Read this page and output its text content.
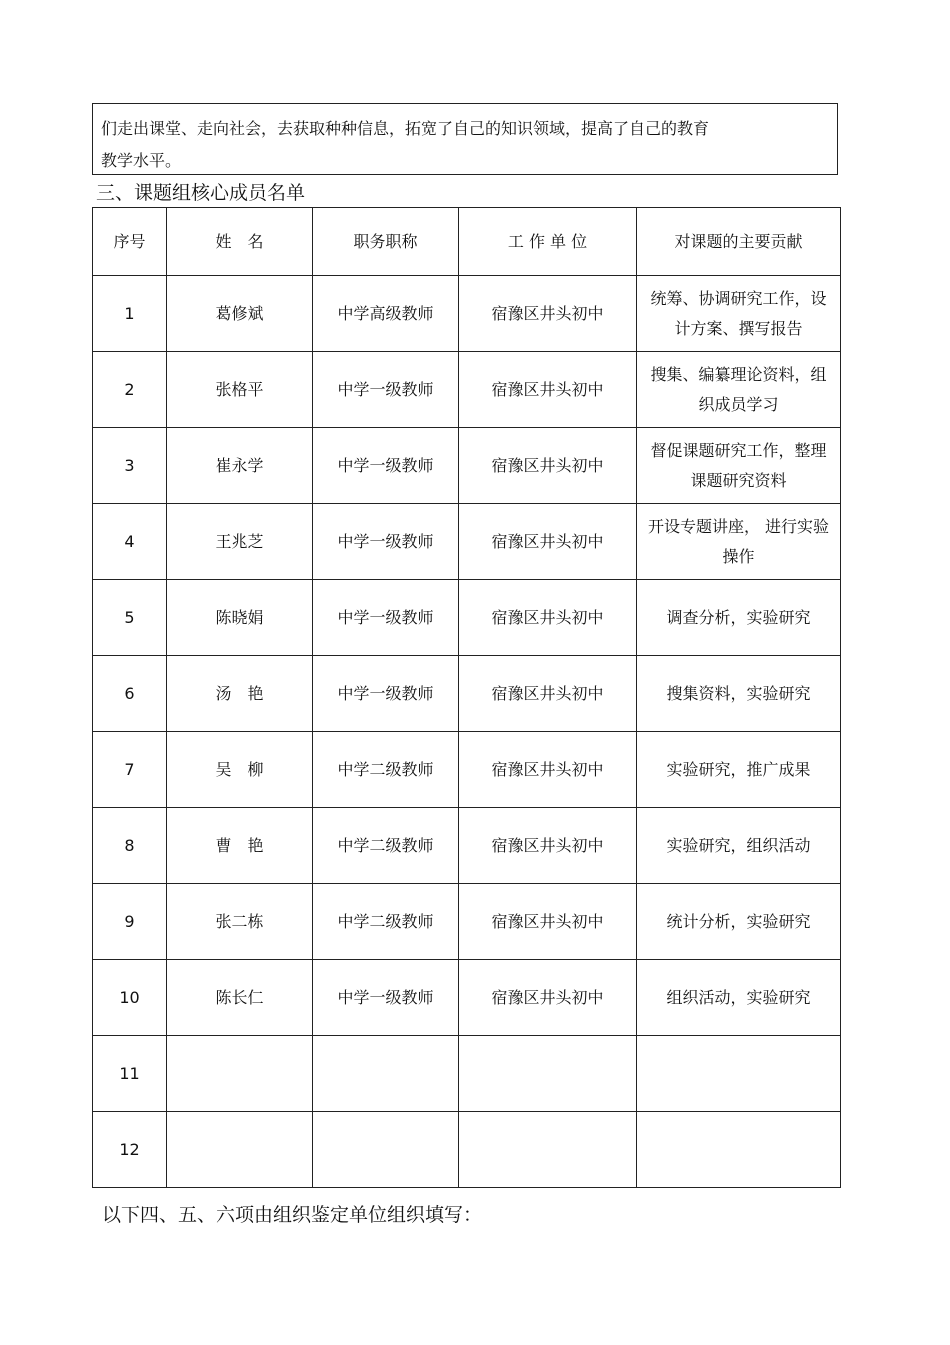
们走出课堂、走向社会，去获取种种信息，拓宽了自己的知识领域，提高了自己的教育
教学水平。
三、课题组核心成员名单
序号	姓　名	职务职称	工 作 单 位	对课题的主要贡献
1	葛修斌	中学高级教师	宿豫区井头初中	统筹、协调研究工作，设计方案、撰写报告
2	张格平	中学一级教师	宿豫区井头初中	搜集、编纂理论资料，组织成员学习
3	崔永学	中学一级教师	宿豫区井头初中	督促课题研究工作，整理课题研究资料
4	王兆芝	中学一级教师	宿豫区井头初中	开设专题讲座， 进行实验操作
5	陈晓娟	中学一级教师	宿豫区井头初中	调查分析，实验研究
6	汤　艳	中学一级教师	宿豫区井头初中	搜集资料，实验研究
7	吴　柳	中学二级教师	宿豫区井头初中	实验研究，推广成果
8	曹　艳	中学二级教师	宿豫区井头初中	实验研究，组织活动
9	张二栋	中学二级教师	宿豫区井头初中	统计分析，实验研究
10	陈长仁	中学一级教师	宿豫区井头初中	组织活动，实验研究
11				
12				
以下四、五、六项由组织鉴定单位组织填写：
